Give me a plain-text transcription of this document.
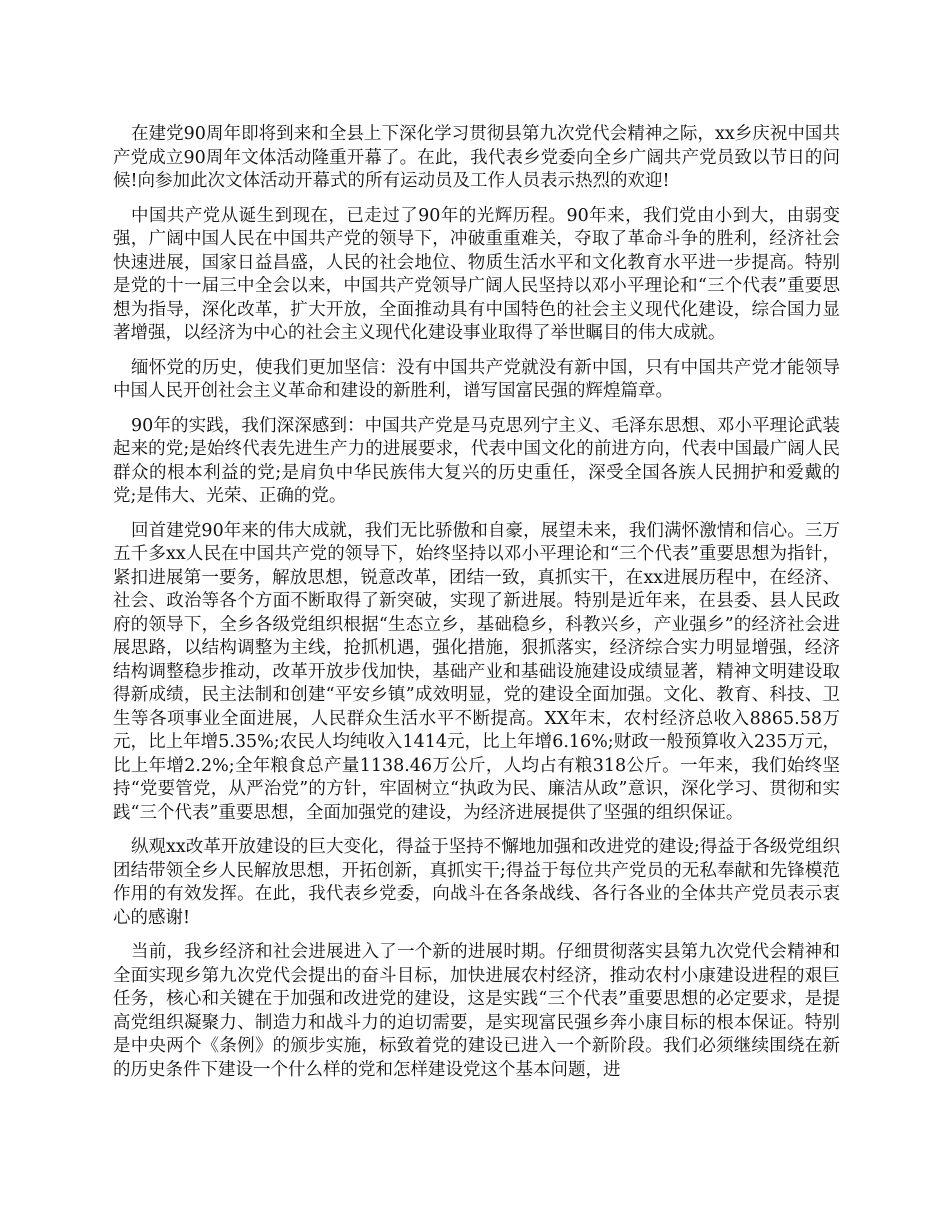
在建党90周年即将到来和全县上下深化学习贯彻县第九次党代会精神之际，xx乡庆祝中国共产党成立90周年文体活动隆重开幕了。在此，我代表乡党委向全乡广阔共产党员致以节日的问候!向参加此次文体活动开幕式的所有运动员及工作人员表示热烈的欢迎!

中国共产党从诞生到现在，已走过了90年的光辉历程。90年来，我们党由小到大，由弱变强，广阔中国人民在中国共产党的领导下，冲破重重难关，夺取了革命斗争的胜利，经济社会快速进展，国家日益昌盛，人民的社会地位、物质生活水平和文化教育水平进一步提高。特别是党的十一届三中全会以来，中国共产党领导广阔人民坚持以邓小平理论和“三个代表”重要思想为指导，深化改革，扩大开放，全面推动具有中国特色的社会主义现代化建设，综合国力显著增强，以经济为中心的社会主义现代化建设事业取得了举世瞩目的伟大成就。

缅怀党的历史，使我们更加坚信：没有中国共产党就没有新中国，只有中国共产党才能领导中国人民开创社会主义革命和建设的新胜利，谱写国富民强的辉煌篇章。

90年的实践，我们深深感到：中国共产党是马克思列宁主义、毛泽东思想、邓小平理论武装起来的党;是始终代表先进生产力的进展要求，代表中国文化的前进方向，代表中国最广阔人民群众的根本利益的党;是肩负中华民族伟大复兴的历史重任，深受全国各族人民拥护和爱戴的党;是伟大、光荣、正确的党。

回首建党90年来的伟大成就，我们无比骄傲和自豪，展望未来，我们满怀激情和信心。三万五千多xx人民在中国共产党的领导下，始终坚持以邓小平理论和“三个代表”重要思想为指针，紧扣进展第一要务，解放思想，锐意改革，团结一致，真抓实干，在xx进展历程中，在经济、社会、政治等各个方面不断取得了新突破，实现了新进展。特别是近年来，在县委、县人民政府的领导下，全乡各级党组织根据“生态立乡，基础稳乡，科教兴乡，产业强乡”的经济社会进展思路，以结构调整为主线，抢抓机遇，强化措施，狠抓落实，经济综合实力明显增强，经济结构调整稳步推动，改革开放步伐加快，基础产业和基础设施建设成绩显著，精神文明建设取得新成绩，民主法制和创建“平安乡镇”成效明显，党的建设全面加强。文化、教育、科技、卫生等各项事业全面进展，人民群众生活水平不断提高。XX年末，农村经济总收入8865.58万元，比上年增5.35%;农民人均纯收入1414元，比上年增6.16%;财政一般预算收入235万元，比上年增2.2%;全年粮食总产量1138.46万公斤，人均占有粮318公斤。一年来，我们始终坚持“党要管党，从严治党”的方针，牢固树立“执政为民、廉洁从政”意识，深化学习、贯彻和实践“三个代表”重要思想，全面加强党的建设，为经济进展提供了坚强的组织保证。

纵观xx改革开放建设的巨大变化，得益于坚持不懈地加强和改进党的建设;得益于各级党组织团结带领全乡人民解放思想，开拓创新，真抓实干;得益于每位共产党员的无私奉献和先锋模范作用的有效发挥。在此，我代表乡党委，向战斗在各条战线、各行各业的全体共产党员表示衷心的感谢!

当前，我乡经济和社会进展进入了一个新的进展时期。仔细贯彻落实县第九次党代会精神和全面实现乡第九次党代会提出的奋斗目标，加快进展农村经济，推动农村小康建设进程的艰巨任务，核心和关键在于加强和改进党的建设，这是实践“三个代表”重要思想的必定要求，是提高党组织凝聚力、制造力和战斗力的迫切需要，是实现富民强乡奔小康目标的根本保证。特别是中央两个《条例》的颁步实施，标致着党的建设已进入一个新阶段。我们必须继续围绕在新的历史条件下建设一个什么样的党和怎样建设党这个基本问题，进
